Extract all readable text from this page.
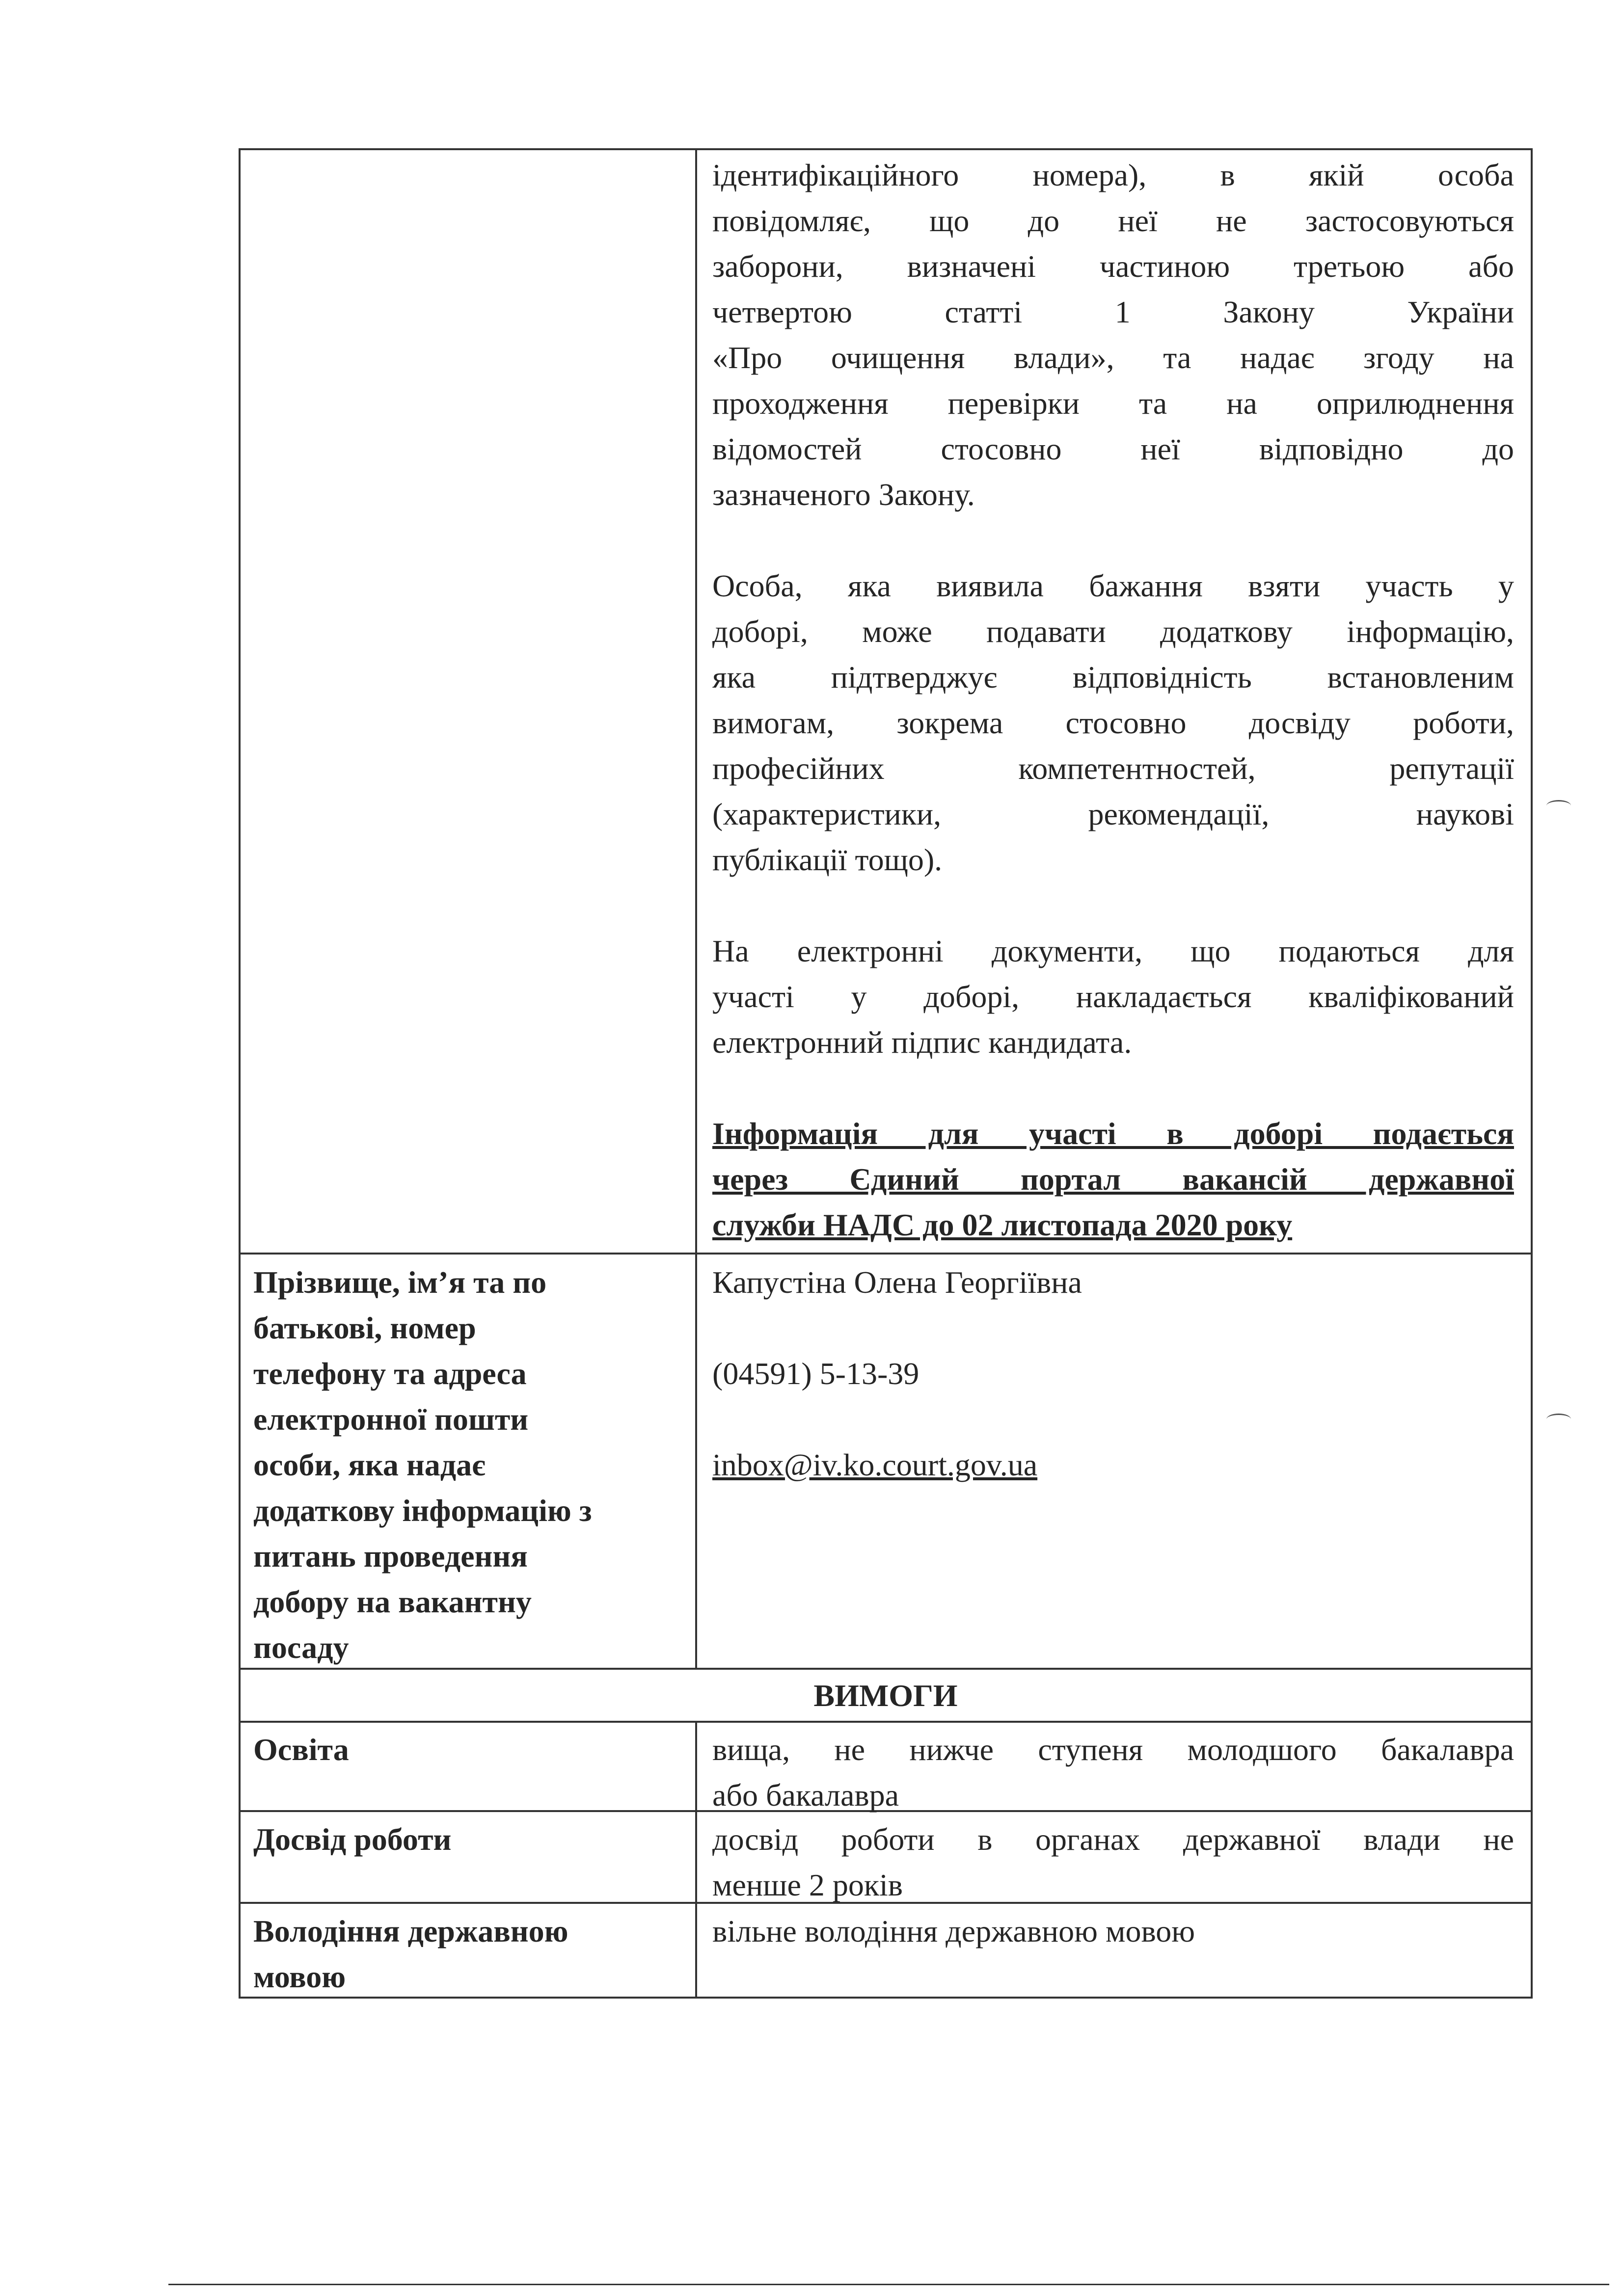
ідентифікаційного номера), в якій особа
повідомляє, що до неї не застосовуються
заборони, визначені частиною третьою або
четвертою статті 1 Закону України
«Про очищення влади», та надає згоду на
проходження перевірки та на оприлюднення
відомостей стосовно неї відповідно до
зазначеного Закону.
Особа, яка виявила бажання взяти участь у
доборі, може подавати додаткову інформацію,
яка підтверджує відповідність встановленим
вимогам, зокрема стосовно досвіду роботи,
професійних компетентностей, репутації
(характеристики, рекомендації, наукові
публікації тощо).
На електронні документи, що подаються для
участі у доборі, накладається кваліфікований
електронний підпис кандидата.
Інформація для участі в доборі подається
через Єдиний портал вакансій державної
служби НАДС до 02 листопада 2020 року
Прізвище, ім’я та по
батькові, номер
телефону та адреса
електронної пошти
особи, яка надає
додаткову інформацію з
питань проведення
добору на вакантну
посаду
Капустіна Олена Георгіївна
(04591) 5-13-39
inbox@iv.ko.court.gov.ua
ВИМОГИ
Освіта	вища, не нижче ступеня молодшого бакалавра
або бакалавра
Досвід роботи	досвід роботи в органах державної влади не
менше 2 років
Володіння державною
мовою
вільне володіння державною мовою
